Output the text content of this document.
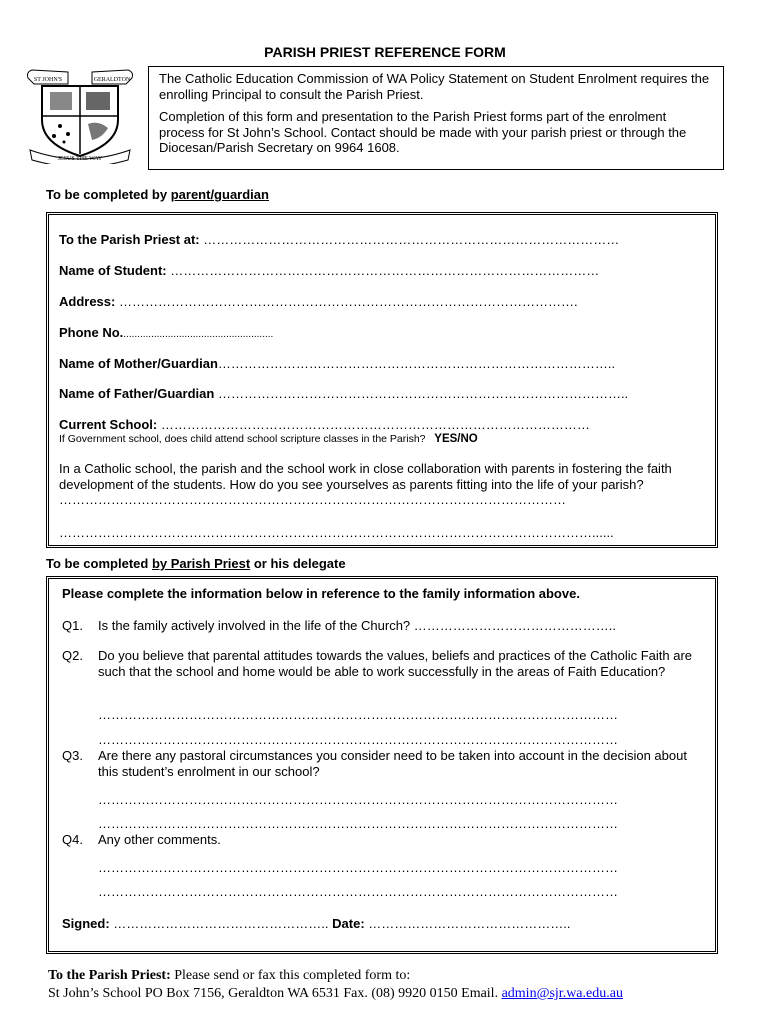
PARISH PRIEST REFERENCE FORM
ST JOHN'S	GERALDTON
JESUS THE WAY

The Catholic Education Commission of WA Policy Statement on Student Enrolment requires the enrolling Principal to consult the Parish Priest.

Completion of this form and presentation to the Parish Priest forms part of the enrolment process for St John’s School. Contact should be made with your parish priest or through the Diocesan/Parish Secretary on 9964 1608.

To be completed by parent/guardian
To the Parish Priest at: ……………………………………………………………………………………
Name of Student: ………………………………………………………………………………………
Address: …………………………………………………………………………………………….
Phone No.......................................................
Name of Mother/Guardian………………………………………………………………………………..
Name of Father/Guardian …………………………………………………………………………………..
Current School: ………………………………………………………………………………………
If Government school, does child attend school scripture classes in the Parish? YES/NO
In a Catholic school, the parish and the school work in close collaboration with parents in fostering the faith development of the students. How do you see yourselves as parents fitting into the life of your parish? ………………………………………………………………………………………………………
……………………………………………………………………………………………………………......
To be completed by Parish Priest or his delegate
Please complete the information below in reference to the family information above.
Q1. Is the family actively involved in the life of the Church? ………………………………………..
Q2. Do you believe that parental attitudes towards the values, beliefs and practices of the Catholic Faith are such that the school and home would be able to work successfully in the areas of Faith Education?
…………………………………………………………………………………………………………
…………………………………………………………………………………………………………
Q3. Are there any pastoral circumstances you consider need to be taken into account in the decision about this student’s enrolment in our school?
…………………………………………………………………………………………………………
…………………………………………………………………………………………………………
Q4. Any other comments.
…………………………………………………………………………………………………………
…………………………………………………………………………………………………………
Signed: ………………………………………….. Date: ………………………………………..
To the Parish Priest: Please send or fax this completed form to:
St John’s School PO Box 7156, Geraldton WA 6531 Fax. (08) 9920 0150 Email. admin@sjr.wa.edu.au
